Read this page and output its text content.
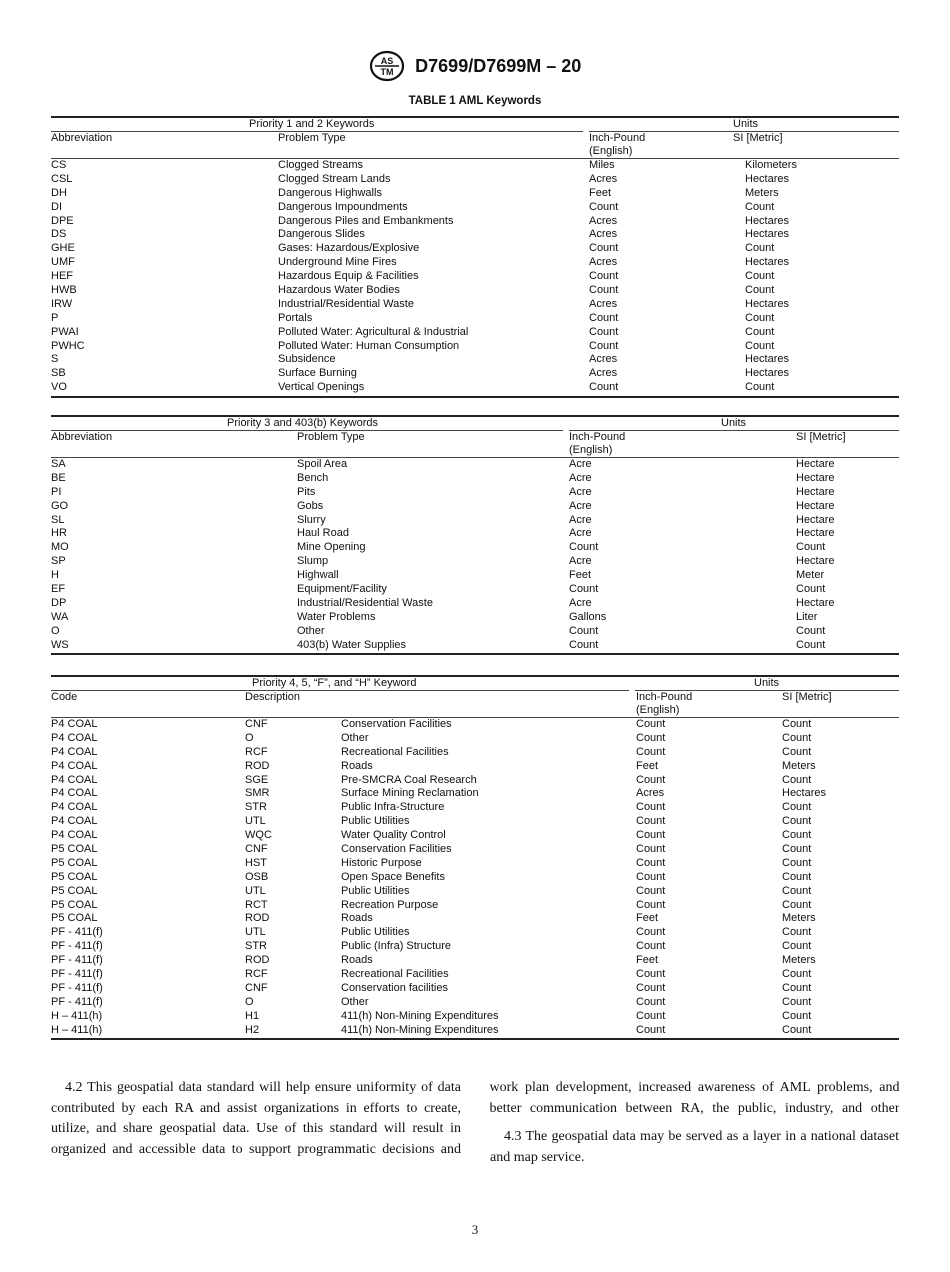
AS
TM D7699/D7699M – 20
TABLE 1 AML Keywords
Priority 1 and 2 Keywords	Units
Abbreviation	Problem Type	Inch-Pound
(English)
SI [Metric]
CS	Clogged Streams	Miles	Kilometers
CSL	Clogged Stream Lands	Acres	Hectares
DH	Dangerous Highwalls	Feet	Meters
DI	Dangerous Impoundments	Count	Count
DPE	Dangerous Piles and Embankments	Acres	Hectares
DS	Dangerous Slides	Acres	Hectares
GHE	Gases: Hazardous/Explosive	Count	Count
UMF	Underground Mine Fires	Acres	Hectares
HEF	Hazardous Equip & Facilities	Count	Count
HWB	Hazardous Water Bodies	Count	Count
IRW	Industrial/Residential Waste	Acres	Hectares
P	Portals	Count	Count
PWAI	Polluted Water: Agricultural & Industrial	Count	Count
PWHC	Polluted Water: Human Consumption	Count	Count
S	Subsidence	Acres	Hectares
SB	Surface Burning	Acres	Hectares
VO	Vertical Openings	Count	Count
Priority 3 and 403(b) Keywords	Units
Abbreviation	Problem Type	Inch-Pound
(English)
SI [Metric]
SA	Spoil Area	Acre	Hectare
BE	Bench	Acre	Hectare
PI	Pits	Acre	Hectare
GO	Gobs	Acre	Hectare
SL	Slurry	Acre	Hectare
HR	Haul Road	Acre	Hectare
MO	Mine Opening	Count	Count
SP	Slump	Acre	Hectare
H	Highwall	Feet	Meter
EF	Equipment/Facility	Count	Count
DP	Industrial/Residential Waste	Acre	Hectare
WA	Water Problems	Gallons	Liter
O	Other	Count	Count
WS	403(b) Water Supplies	Count	Count
Priority 4, 5, “F”, and “H” Keyword	Units
Code	Description	Inch-Pound
(English)
SI [Metric]
P4 COAL	CNF	Conservation Facilities	Count	Count
P4 COAL	O	Other	Count	Count
P4 COAL	RCF	Recreational Facilities	Count	Count
P4 COAL	ROD	Roads	Feet	Meters
P4 COAL	SGE	Pre-SMCRA Coal Research	Count	Count
P4 COAL	SMR	Surface Mining Reclamation	Acres	Hectares
P4 COAL	STR	Public Infra-Structure	Count	Count
P4 COAL	UTL	Public Utilities	Count	Count
P4 COAL	WQC	Water Quality Control	Count	Count
P5 COAL	CNF	Conservation Facilities	Count	Count
P5 COAL	HST	Historic Purpose	Count	Count
P5 COAL	OSB	Open Space Benefits	Count	Count
P5 COAL	UTL	Public Utilities	Count	Count
P5 COAL	RCT	Recreation Purpose	Count	Count
P5 COAL	ROD	Roads	Feet	Meters
PF - 411(f)	UTL	Public Utilities	Count	Count
PF - 411(f)	STR	Public (Infra) Structure	Count	Count
PF - 411(f)	ROD	Roads	Feet	Meters
PF - 411(f)	RCF	Recreational Facilities	Count	Count
PF - 411(f)	CNF	Conservation facilities	Count	Count
PF - 411(f)	O	Other	Count	Count
H – 411(h)	H1	411(h) Non-Mining Expenditures	Count	Count
H – 411(h)	H2	411(h) Non-Mining Expenditures	Count	Count
4.2 This geospatial data standard will help ensure uniformity of data contributed by each RA and assist organizations in efforts to create, utilize, and share geospatial data. Use of this standard will result in organized and accessible data to support programmatic decisions and
work plan development, increased awareness of AML problems, and better communication between RA, the public, industry, and other
4.3 The geospatial data may be served as a layer in a national dataset and map service.
3
